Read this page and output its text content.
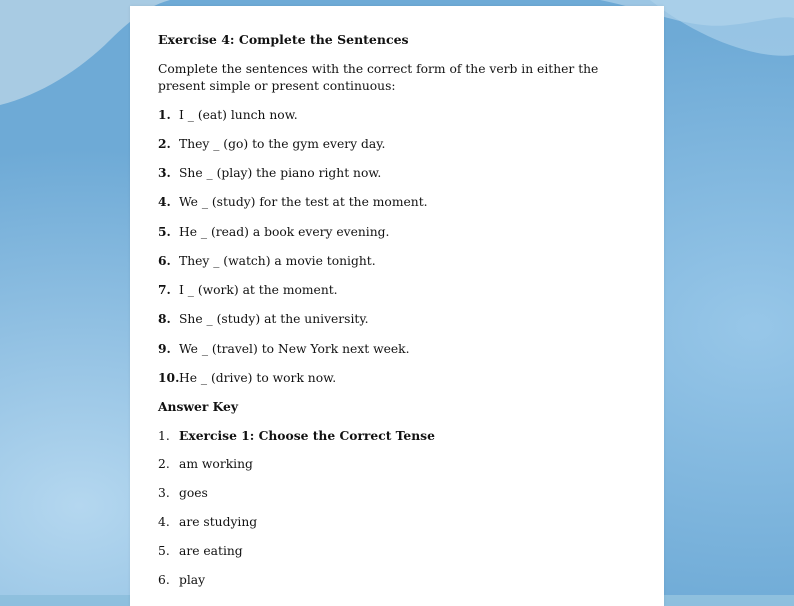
Exercise 4: Complete the Sentences
Complete the sentences with the correct form of the verb in either the present simple or present continuous:
1. I _ (eat) lunch now.
2. They _ (go) to the gym every day.
3. She _ (play) the piano right now.
4. We _ (study) for the test at the moment.
5. He _ (read) a book every evening.
6. They _ (watch) a movie tonight.
7. I _ (work) at the moment.
8. She _ (study) at the university.
9. We _ (travel) to New York next week.
10.He _ (drive) to work now.
Answer Key
1. Exercise 1: Choose the Correct Tense
2. am working
3. goes
4. are studying
5. are eating
6. play
